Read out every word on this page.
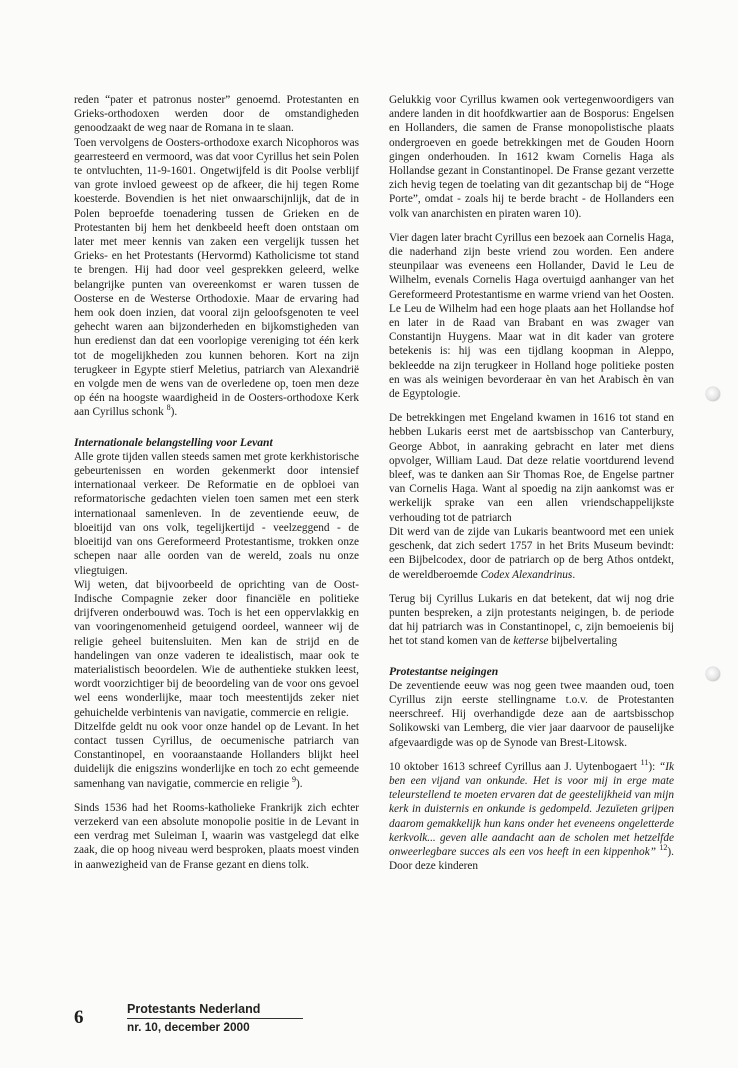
reden “pater et patronus noster” genoemd. Protestanten en Grieks-orthodoxen werden door de omstandigheden genoodzaakt de weg naar de Romana in te slaan.

Toen vervolgens de Oosters-orthodoxe exarch Nicophoros was gearresteerd en vermoord, was dat voor Cyrillus het sein Polen te ontvluchten, 11-9-1601. Ongetwijfeld is dit Poolse verblijf van grote invloed geweest op de afkeer, die hij tegen Rome koesterde. Bovendien is het niet onwaarschijnlijk, dat de in Polen beproefde toenadering tussen de Grieken en de Protestanten bij hem het denkbeeld heeft doen ontstaan om later met meer kennis van zaken een vergelijk tussen het Grieks- en het Protestants (Hervormd) Katholicisme tot stand te brengen. Hij had door veel gesprekken geleerd, welke belangrijke punten van overeenkomst er waren tussen de Oosterse en de Westerse Orthodoxie. Maar de ervaring had hem ook doen inzien, dat vooral zijn geloofsgenoten te veel gehecht waren aan bijzonderheden en bijkomstigheden van hun eredienst dan dat een voorlopige vereniging tot één kerk tot de mogelijkheden zou kunnen behoren. Kort na zijn terugkeer in Egypte stierf Meletius, patriarch van Alexandrië en volgde men de wens van de overledene op, toen men deze op één na hoogste waardigheid in de Oosters-orthodoxe Kerk aan Cyrillus schonk $^8$).

Internationale belangstelling voor Levant

Alle grote tijden vallen steeds samen met grote kerkhistorische gebeurtenissen en worden gekenmerkt door intensief internationaal verkeer. De Reformatie en de opbloei van reformatorische gedachten vielen toen samen met een sterk internationaal samenleven. In de zeventiende eeuw, de bloeitijd van ons volk, tegelijkertijd - veelzeggend - de bloeitijd van ons Gereformeerd Protestantisme, trokken onze schepen naar alle oorden van de wereld, zoals nu onze vliegtuigen.

Wij weten, dat bijvoorbeeld de oprichting van de Oost-Indische Compagnie zeker door financiële en politieke drijfveren onderbouwd was. Toch is het een oppervlakkig en van vooringenomenheid getuigend oordeel, wanneer wij de religie geheel buitensluiten. Men kan de strijd en de handelingen van onze vaderen te idealistisch, maar ook te materialistisch beoordelen. Wie de authentieke stukken leest, wordt voorzichtiger bij de beoordeling van de voor ons gevoel wel eens wonderlijke, maar toch meestentijds zeker niet gehuichelde verbintenis van navigatie, commercie en religie.

Ditzelfde geldt nu ook voor onze handel op de Levant. In het contact tussen Cyrillus, de oecumenische patriarch van Constantinopel, en vooraanstaande Hollanders blijkt heel duidelijk die enigszins wonderlijke en toch zo echt gemeende samenhang van navigatie, commercie en religie $^9$).

Sinds 1536 had het Rooms-katholieke Frankrijk zich echter verzekerd van een absolute monopolie positie in de Levant in een verdrag met Suleiman I, waarin was vastgelegd dat elke zaak, die op hoog niveau werd besproken, plaats moest vinden in aanwezigheid van de Franse gezant en diens tolk.

Gelukkig voor Cyrillus kwamen ook vertegenwoordigers van andere landen in dit hoofdkwartier aan de Bosporus: Engelsen en Hollanders, die samen de Franse monopolistische plaats ondergroeven en goede betrekkingen met de Gouden Hoorn gingen onderhouden. In 1612 kwam Cornelis Haga als Hollandse gezant in Constantinopel. De Franse gezant verzette zich hevig tegen de toelating van dit gezantschap bij de “Hoge Porte”, omdat - zoals hij te berde bracht - de Hollanders een volk van anarchisten en piraten waren 10).

Vier dagen later bracht Cyrillus een bezoek aan Cornelis Haga, die naderhand zijn beste vriend zou worden. Een andere steunpilaar was eveneens een Hollander, David le Leu de Wilhelm, evenals Cornelis Haga overtuigd aanhanger van het Gereformeerd Protestantisme en warme vriend van het Oosten. Le Leu de Wilhelm had een hoge plaats aan het Hollandse hof en later in de Raad van Brabant en was zwager van Constantijn Huygens. Maar wat in dit kader van grotere betekenis is: hij was een tijdlang koopman in Aleppo, bekleedde na zijn terugkeer in Holland hoge politieke posten en was als weinigen bevorderaar èn van het Arabisch èn van de Egyptologie.

De betrekkingen met Engeland kwamen in 1616 tot stand en hebben Lukaris eerst met de aartsbisschop van Canterbury, George Abbot, in aanraking gebracht en later met diens opvolger, William Laud. Dat deze relatie voortdurend levend bleef, was te danken aan Sir Thomas Roe, de Engelse partner van Cornelis Haga. Want al spoedig na zijn aankomst was er werkelijk sprake van een allen vriendschappelijkste verhouding tot de patriarch

Dit werd van de zijde van Lukaris beantwoord met een uniek geschenk, dat zich sedert 1757 in het Brits Museum bevindt: een Bijbelcodex, door de patriarch op de berg Athos ontdekt, de wereldberoemde Codex Alexandrinus.

Terug bij Cyrillus Lukaris en dat betekent, dat wij nog drie punten bespreken, a zijn protestants neigingen, b. de periode dat hij patriarch was in Constantinopel, c, zijn bemoeienis bij het tot stand komen van de ketterse bijbelvertaling

Protestantse neigingen

De zeventiende eeuw was nog geen twee maanden oud, toen Cyrillus zijn eerste stellingname t.o.v. de Protestanten neerschreef. Hij overhandigde deze aan de aartsbisschop Solikowski van Lemberg, die vier jaar daarvoor de pauselijke afgevaardigde was op de Synode van Brest-Litowsk.

10 oktober 1613 schreef Cyrillus aan J. Uytenbogaert $^{11}$): “Ik ben een vijand van onkunde. Het is voor mij in erge mate teleurstellend te moeten ervaren dat de geestelijkheid van mijn kerk in duisternis en onkunde is gedompeld. Jezuïeten grijpen daarom gemakkelijk hun kans onder het eveneens ongeletterde kerkvolk... geven alle aandacht aan de scholen met hetzelfde onweerlegbare succes als een vos heeft in een kippenhok” $^{12}$). Door deze kinderen

6	Protestants Nederland
nr. 10, december 2000
